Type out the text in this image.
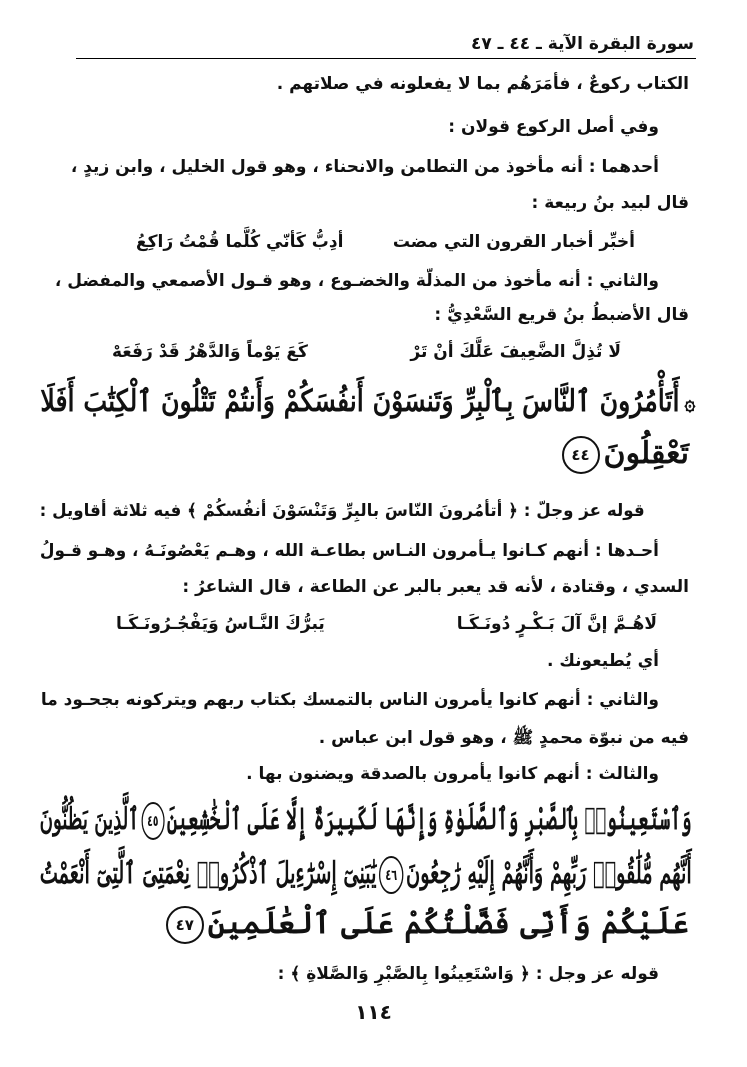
سورة البقرة الآية ـ ٤٤ ـ ٤٧
الكتاب ركوعٌ ، فأمَرَهُم بما لا يفعلونه في صلاتهم .
وفي أصل الركوع قولان :
أحدهما : أنه مأخوذ من التطامن والانحناء ، وهو قول الخليل ، وابن زيدٍ ،
قال لبيد بنُ ربيعة :
أخبِّر أخبار القرون التي مضت
أدِبُّ كَأنّي كُلَّما قُمْتُ رَاكِعُ
والثاني : أنه مأخوذ من المذلّة والخضـوع ، وهو قـول الأصمعي والمفضل ،
قال الأضبطُ بنُ قريع السَّعْدِيُّ :
لَا تُذِلَّ الضَّعِيفَ عَلَّكَ أنْ تَرْ
كَعَ يَوْماً وَالدَّهْرُ قَدْ رَفَعَهْ
۞أَتَأْمُرُونَ ٱلنَّاسَ بِٱلْبِرِّ وَتَنسَوْنَ أَنفُسَكُمْ وَأَنتُمْ تَتْلُونَ ٱلْكِتَٰبَ أَفَلَا
تَعْقِلُونَ٤٤
قوله عز وجلّ : ﴿ أتأمُرونَ النّاسَ بالبِرِّ وَتَنْسَوْنَ أنفُسكُمْ ﴾ فيه ثلاثة أقاويل :
أحـدها : أنهم كـانوا يـأمرون النـاس بطاعـة الله ، وهـم يَعْصُونَـهُ ، وهـو قـولُ
السدي ، وقتادة ، لأنه قد يعبر بالبر عن الطاعة ، قال الشاعرُ :
لَاهُـمَّ إنَّ آلَ بَـكْـرٍ دُونَـكَـا
يَبرُّكَ النَّـاسُ وَيَفْجُـرُونَـكَـا
أي يُطيعونك .
والثاني : أنهم كانوا يأمرون الناس بالتمسك بكتاب ربهم ويتركونه بجحـود ما
فيه من نبوّة محمدٍ ﷺ ، وهو قول ابن عباس .
والثالث : أنهم كانوا يأمرون بالصدقة ويضنون بها .
وَٱسْتَعِينُوا۟ بِٱلصَّبْرِ وَٱلصَّلَوٰةِ وَإِنَّهَا لَكَبِيرَةٌ إِلَّا عَلَى ٱلْخَٰشِعِينَ٤٥ٱلَّذِينَ يَظُنُّونَ
أَنَّهُم مُّلَٰقُوا۟ رَبِّهِمْ وَأَنَّهُمْ إِلَيْهِ رَٰجِعُونَ٤٦يَٰبَنِىٓ إِسْرَٰٓءِيلَ ٱذْكُرُوا۟ نِعْمَتِىَ ٱلَّتِىٓ أَنْعَمْتُ
عَلَيْكُمْ وَأَنِّى فَضَّلْتُكُمْ عَلَى ٱلْعَٰلَمِينَ٤٧
قوله عز وجل : ﴿ وَاسْتَعِينُوا بِالصَّبْرِ وَالصَّلاةِ ﴾ :
١١٤
